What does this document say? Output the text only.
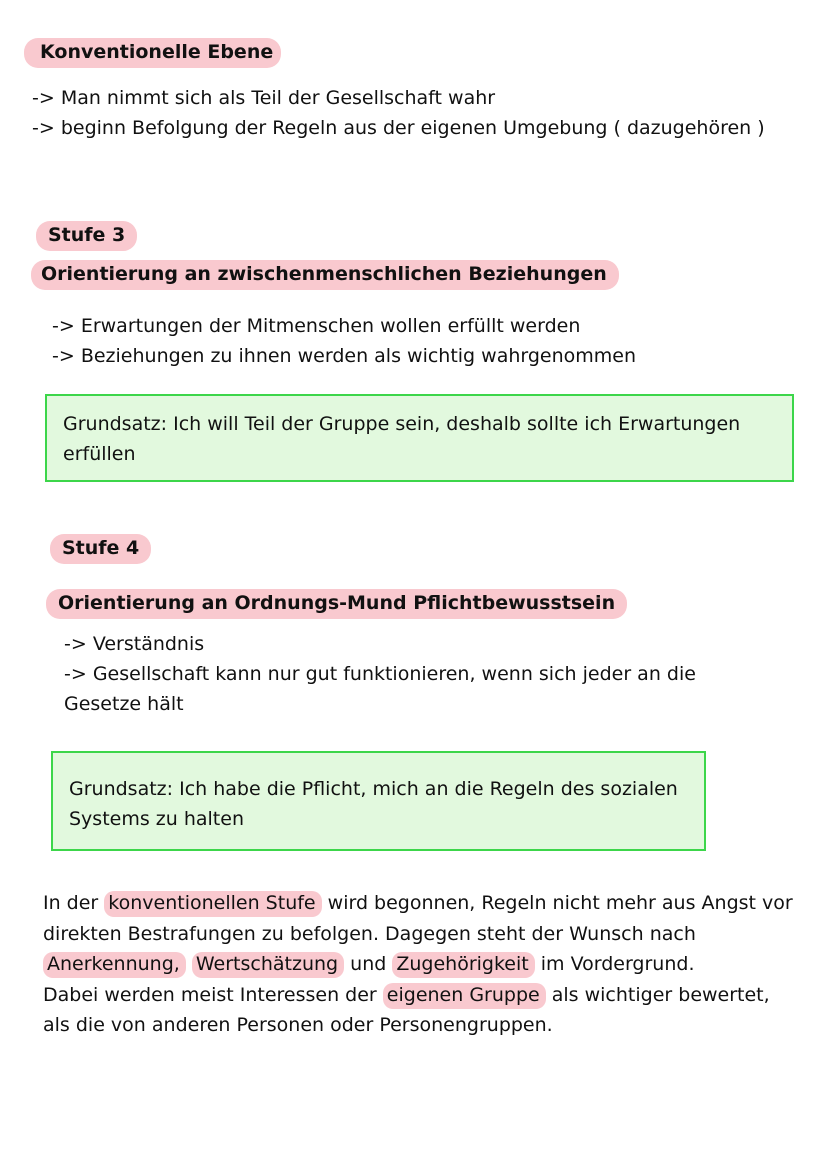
Konventionelle Ebene
-> Man nimmt sich als Teil der Gesellschaft wahr
-> beginn Befolgung der Regeln aus der eigenen Umgebung ( dazugehören )
Stufe 3
Orientierung an zwischenmenschlichen Beziehungen
-> Erwartungen der Mitmenschen wollen erfüllt werden
-> Beziehungen zu ihnen werden als wichtig wahrgenommen
Grundsatz: Ich will Teil der Gruppe sein, deshalb sollte ich Erwartungen
erfüllen
Stufe 4
Orientierung an Ordnungs-Mund Pflichtbewusstsein
-> Verständnis
-> Gesellschaft kann nur gut funktionieren, wenn sich jeder an die
Gesetze hält
Grundsatz: Ich habe die Pflicht, mich an die Regeln des sozialen
Systems zu halten
In der konventionellen Stufe wird begonnen, Regeln nicht mehr aus Angst vor
direkten Bestrafungen zu befolgen. Dagegen steht der Wunsch nach
Anerkennung, Wertschätzung und Zugehörigkeit im Vordergrund.
Dabei werden meist Interessen der eigenen Gruppe als wichtiger bewertet,
als die von anderen Personen oder Personengruppen.
